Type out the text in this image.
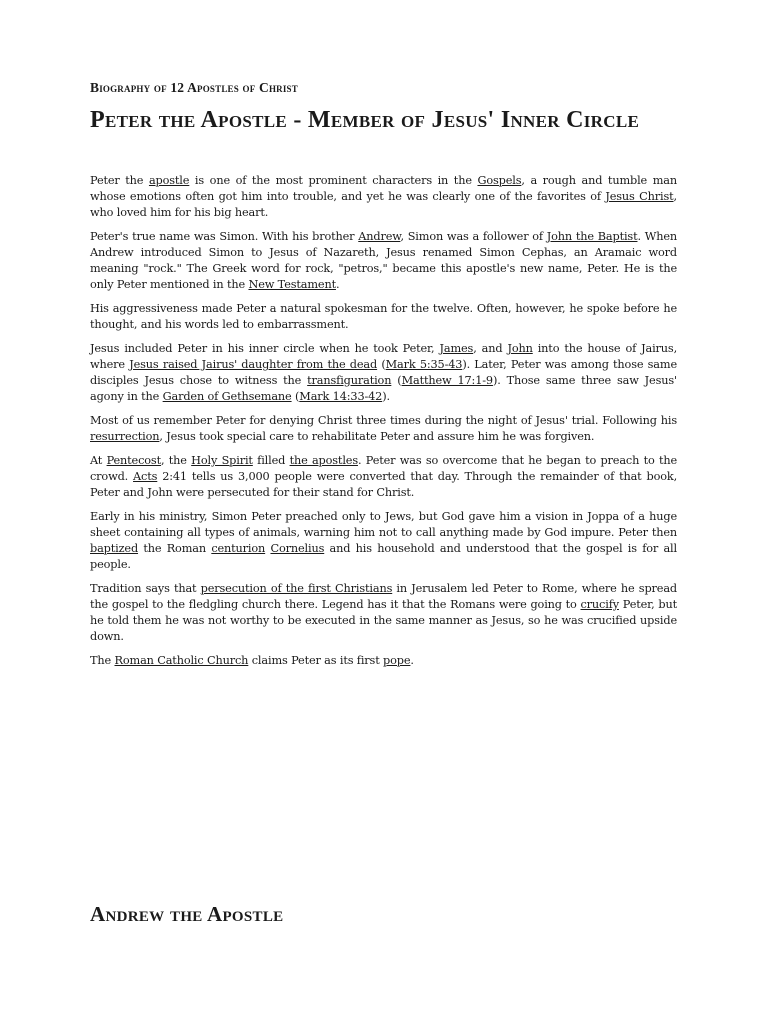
Biography of 12 Apostles of Christ
Peter the Apostle - Member of Jesus' Inner Circle

Peter the apostle is one of the most prominent characters in the Gospels, a rough and tumble man whose emotions often got him into trouble, and yet he was clearly one of the favorites of Jesus Christ, who loved him for his big heart.

Peter's true name was Simon. With his brother Andrew, Simon was a follower of John the Baptist. When Andrew introduced Simon to Jesus of Nazareth, Jesus renamed Simon Cephas, an Aramaic word meaning "rock." The Greek word for rock, "petros," became this apostle's new name, Peter. He is the only Peter mentioned in the New Testament.

His aggressiveness made Peter a natural spokesman for the twelve. Often, however, he spoke before he thought, and his words led to embarrassment.

Jesus included Peter in his inner circle when he took Peter, James, and John into the house of Jairus, where Jesus raised Jairus' daughter from the dead (Mark 5:35-43). Later, Peter was among those same disciples Jesus chose to witness the transfiguration (Matthew 17:1-9). Those same three saw Jesus' agony in the Garden of Gethsemane (Mark 14:33-42).

Most of us remember Peter for denying Christ three times during the night of Jesus' trial. Following his resurrection, Jesus took special care to rehabilitate Peter and assure him he was forgiven.

At Pentecost, the Holy Spirit filled the apostles. Peter was so overcome that he began to preach to the crowd. Acts 2:41 tells us 3,000 people were converted that day. Through the remainder of that book, Peter and John were persecuted for their stand for Christ.

Early in his ministry, Simon Peter preached only to Jews, but God gave him a vision in Joppa of a huge sheet containing all types of animals, warning him not to call anything made by God impure. Peter then baptized the Roman centurion Cornelius and his household and understood that the gospel is for all people.

Tradition says that persecution of the first Christians in Jerusalem led Peter to Rome, where he spread the gospel to the fledgling church there. Legend has it that the Romans were going to crucify Peter, but he told them he was not worthy to be executed in the same manner as Jesus, so he was crucified upside down.

The Roman Catholic Church claims Peter as its first pope.

Andrew the Apostle
